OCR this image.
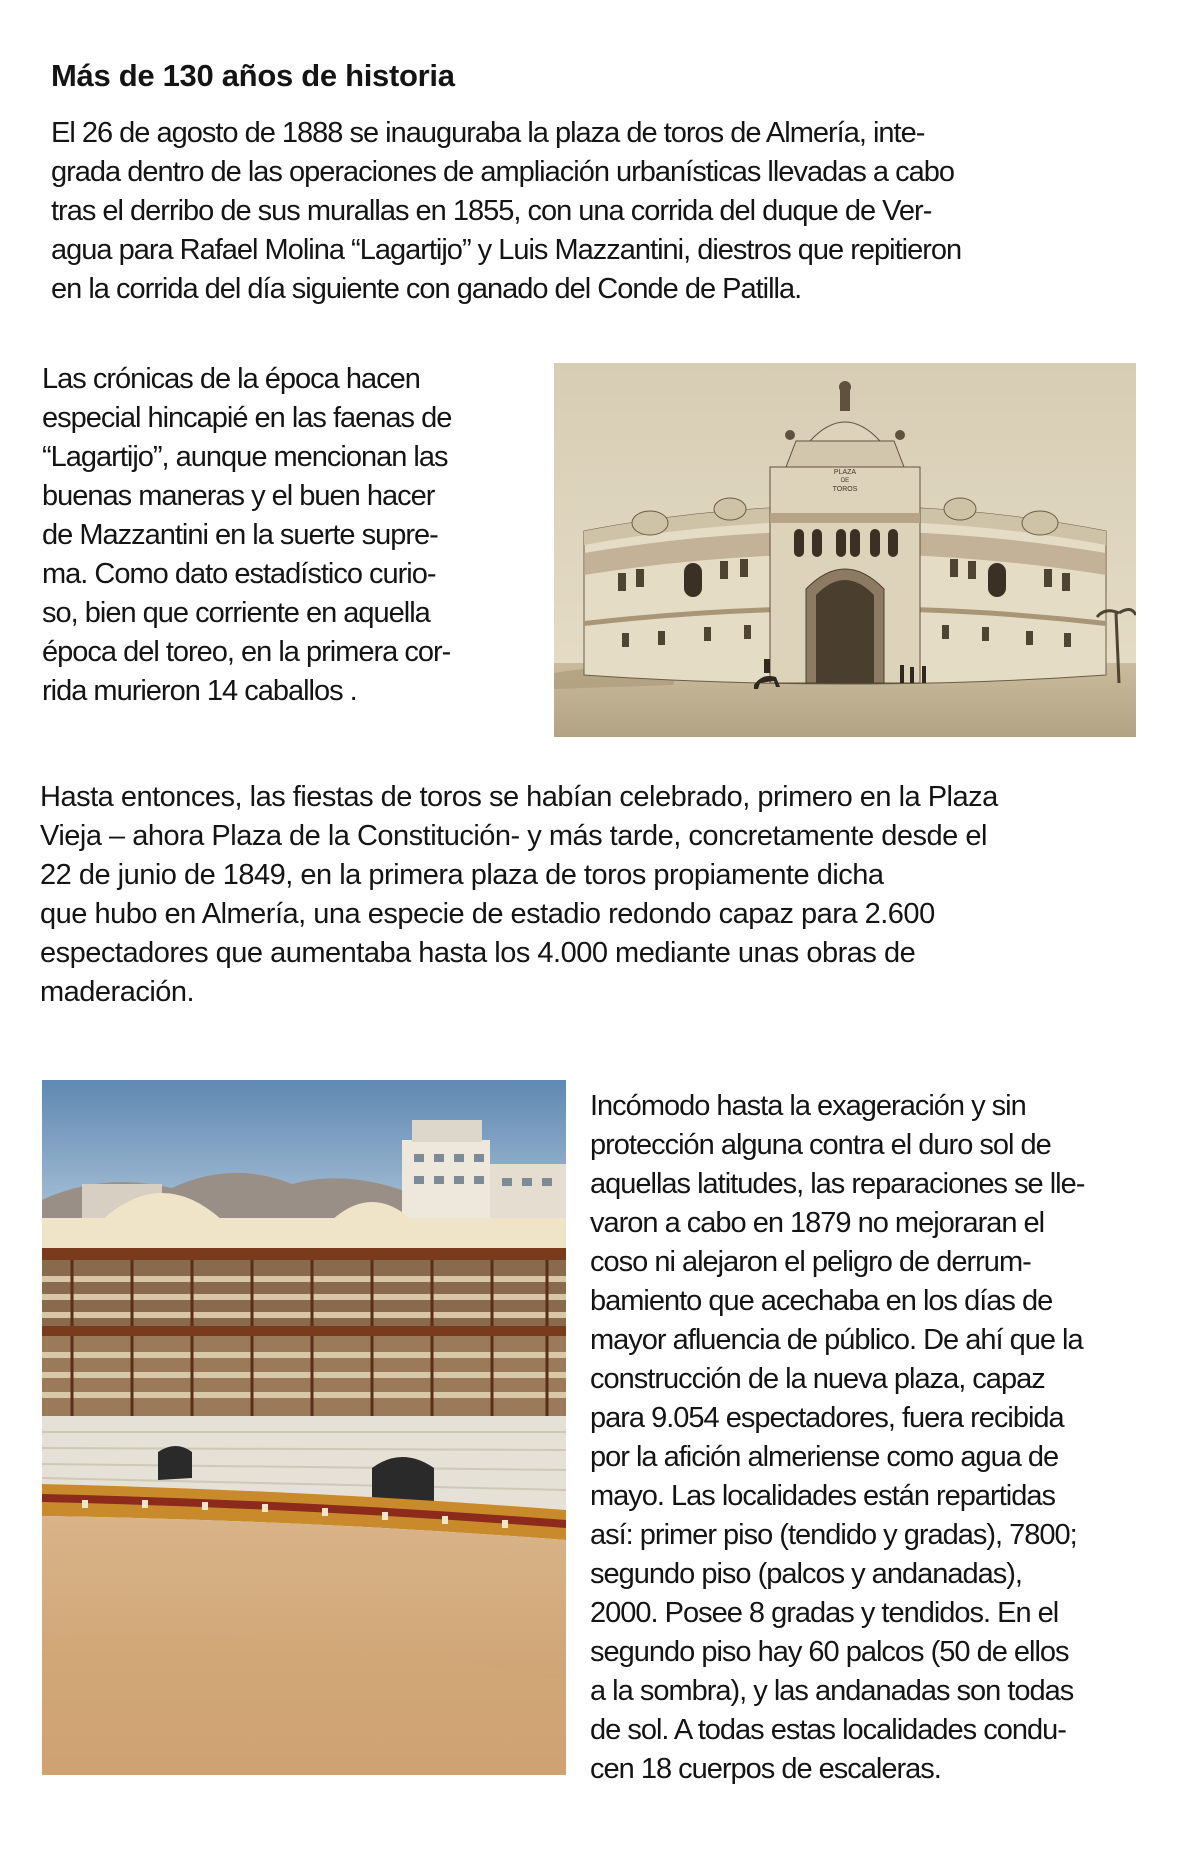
Más de 130 años de historia
El 26 de agosto de 1888 se inauguraba la plaza de toros de Almería, inte-
grada dentro de las operaciones de ampliación urbanísticas llevadas a cabo
tras el derribo de sus murallas en 1855, con una corrida del duque de Ver-
agua para Rafael Molina “Lagartijo” y Luis Mazzantini, diestros que repitieron
en la corrida del día siguiente con ganado del Conde de Patilla.
Las crónicas de la época hacen
especial hincapié en las faenas de
“Lagartijo”, aunque mencionan las
buenas maneras y el buen hacer
de Mazzantini en la suerte supre-
ma. Como dato estadístico curio-
so, bien que corriente en aquella
época del toreo, en la primera cor-
rida murieron 14 caballos .
PLAZA
DE
TOROS
Hasta entonces, las fiestas de toros se habían celebrado, primero en la Plaza
Vieja – ahora Plaza de la Constitución- y más tarde, concretamente desde el
22 de junio de 1849, en la primera plaza de toros propiamente dicha
que hubo en Almería, una especie de estadio redondo capaz para 2.600
espectadores que aumentaba hasta los 4.000 mediante unas obras de
maderación.
Incómodo hasta la exageración y sin
protección alguna contra el duro sol de
aquellas latitudes, las reparaciones se lle-
varon a cabo en 1879 no mejoraran el
coso ni alejaron el peligro de derrum-
bamiento que acechaba en los días de
mayor afluencia de público. De ahí que la
construcción de la nueva plaza, capaz
para 9.054 espectadores, fuera recibida
por la afición almeriense como agua de
mayo. Las localidades están repartidas
así: primer piso (tendido y gradas), 7800;
segundo piso (palcos y andanadas),
2000. Posee 8 gradas y tendidos. En el
segundo piso hay 60 palcos (50 de ellos
a la sombra), y las andanadas son todas
de sol. A todas estas localidades condu-
cen 18 cuerpos de escaleras.
